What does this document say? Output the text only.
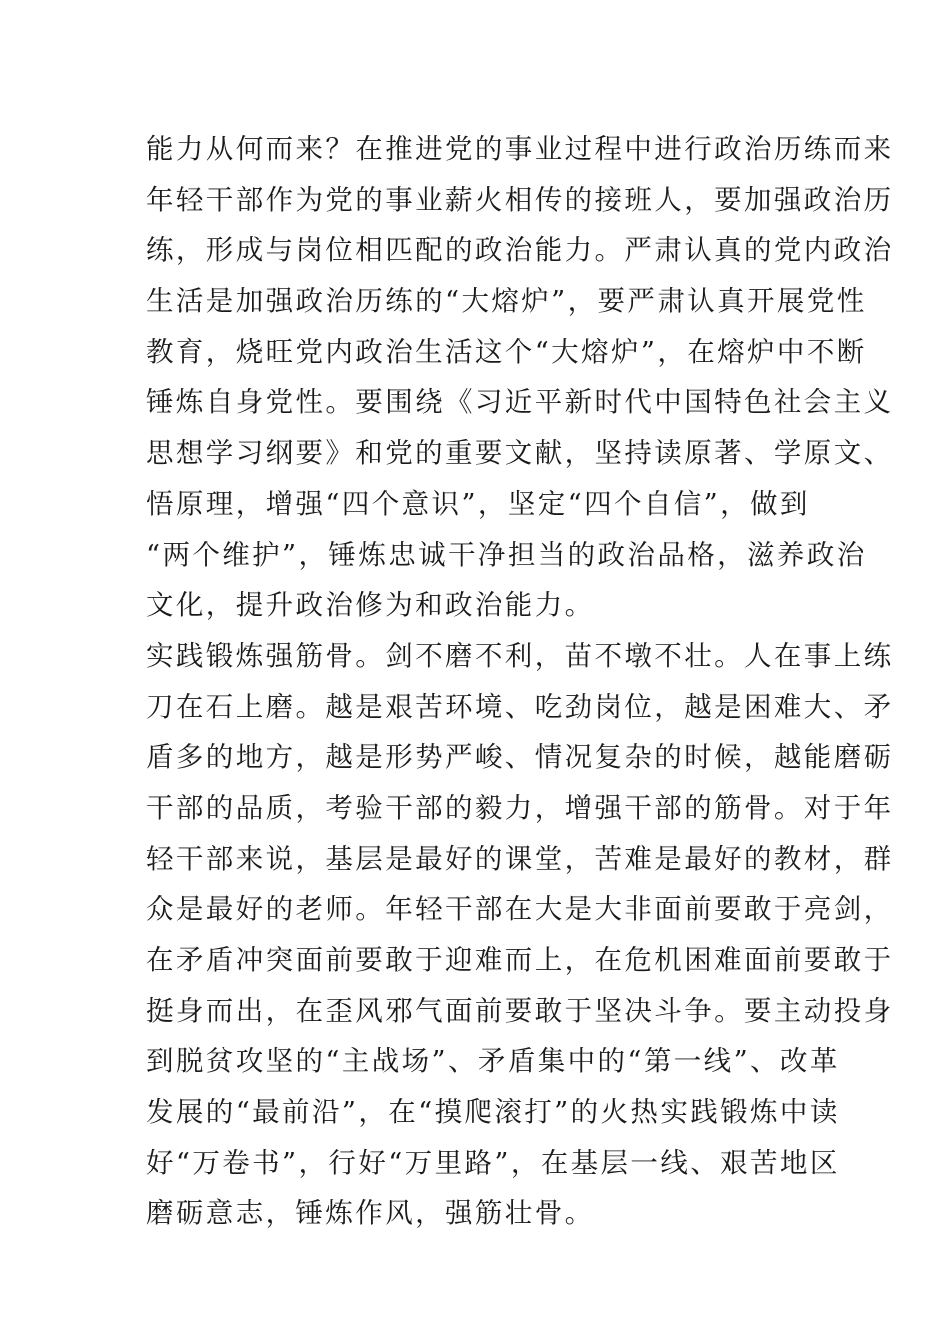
能力从何而来？在推进党的事业过程中进行政治历练而来
年轻干部作为党的事业薪火相传的接班人，要加强政治历
练，形成与岗位相匹配的政治能力。严肃认真的党内政治
生活是加强政治历练的“大熔炉”，要严肃认真开展党性
教育，烧旺党内政治生活这个“大熔炉”，在熔炉中不断
锤炼自身党性。要围绕《习近平新时代中国特色社会主义
思想学习纲要》和党的重要文献，坚持读原著、学原文、
悟原理，增强“四个意识”，坚定“四个自信”，做到
“两个维护”，锤炼忠诚干净担当的政治品格，滋养政治
文化，提升政治修为和政治能力。
实践锻炼强筋骨。剑不磨不利，苗不墩不壮。人在事上练
刀在石上磨。越是艰苦环境、吃劲岗位，越是困难大、矛
盾多的地方，越是形势严峻、情况复杂的时候，越能磨砺
干部的品质，考验干部的毅力，增强干部的筋骨。对于年
轻干部来说，基层是最好的课堂，苦难是最好的教材，群
众是最好的老师。年轻干部在大是大非面前要敢于亮剑，
在矛盾冲突面前要敢于迎难而上，在危机困难面前要敢于
挺身而出，在歪风邪气面前要敢于坚决斗争。要主动投身
到脱贫攻坚的“主战场”、矛盾集中的“第一线”、改革
发展的“最前沿”，在“摸爬滚打”的火热实践锻炼中读
好“万卷书”，行好“万里路”，在基层一线、艰苦地区
磨砺意志，锤炼作风，强筋壮骨。
